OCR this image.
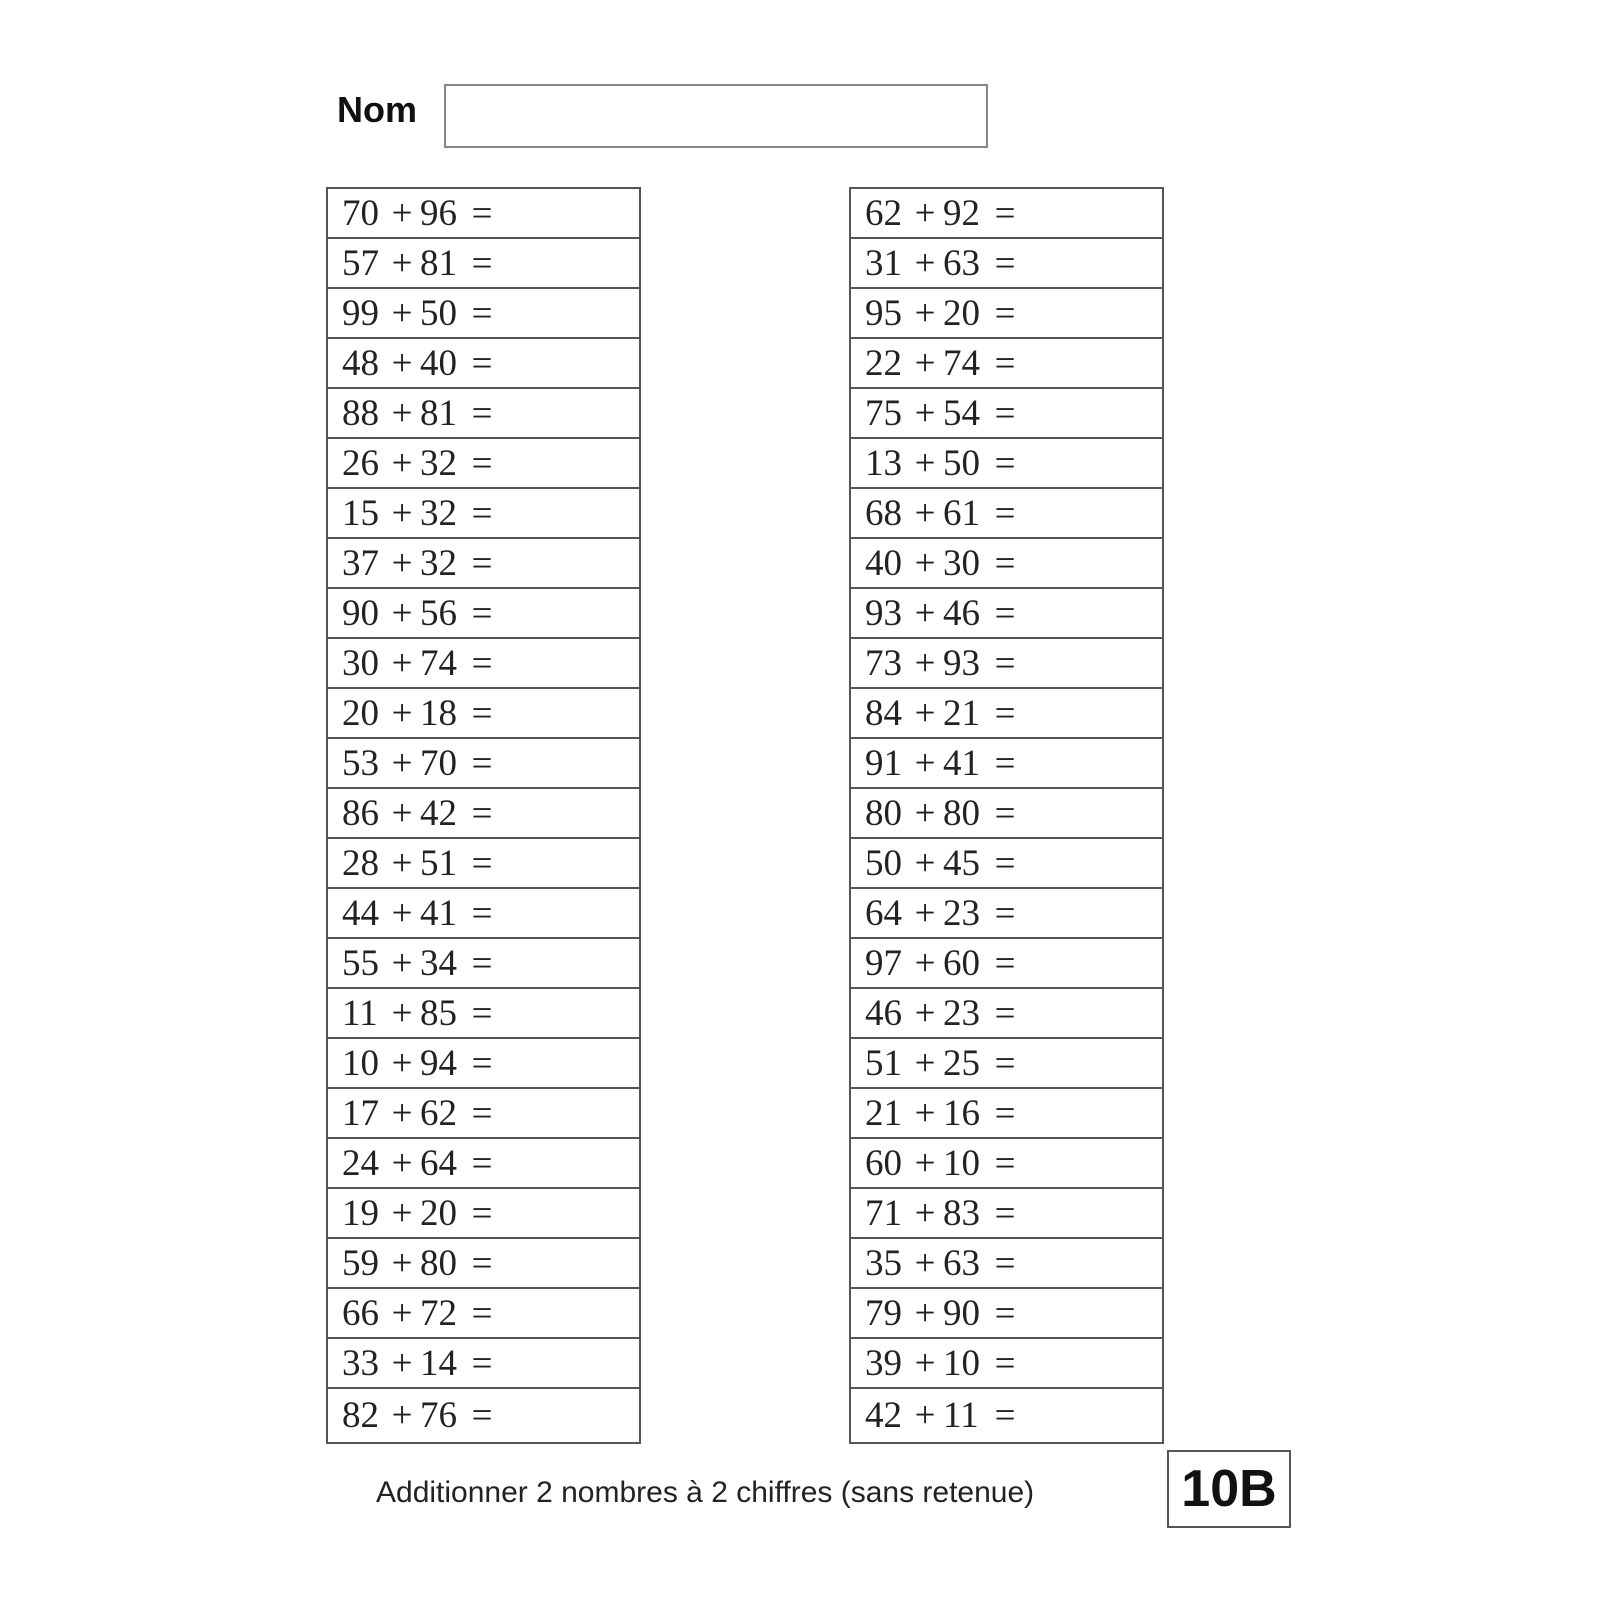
Nom
70 + 96 =
57 + 81 =
99 + 50 =
48 + 40 =
88 + 81 =
26 + 32 =
15 + 32 =
37 + 32 =
90 + 56 =
30 + 74 =
20 + 18 =
53 + 70 =
86 + 42 =
28 + 51 =
44 + 41 =
55 + 34 =
11 + 85 =
10 + 94 =
17 + 62 =
24 + 64 =
19 + 20 =
59 + 80 =
66 + 72 =
33 + 14 =
82 + 76 =
62 + 92 =
31 + 63 =
95 + 20 =
22 + 74 =
75 + 54 =
13 + 50 =
68 + 61 =
40 + 30 =
93 + 46 =
73 + 93 =
84 + 21 =
91 + 41 =
80 + 80 =
50 + 45 =
64 + 23 =
97 + 60 =
46 + 23 =
51 + 25 =
21 + 16 =
60 + 10 =
71 + 83 =
35 + 63 =
79 + 90 =
39 + 10 =
42 + 11 =
Additionner 2 nombres à 2 chiffres (sans retenue)	10B
